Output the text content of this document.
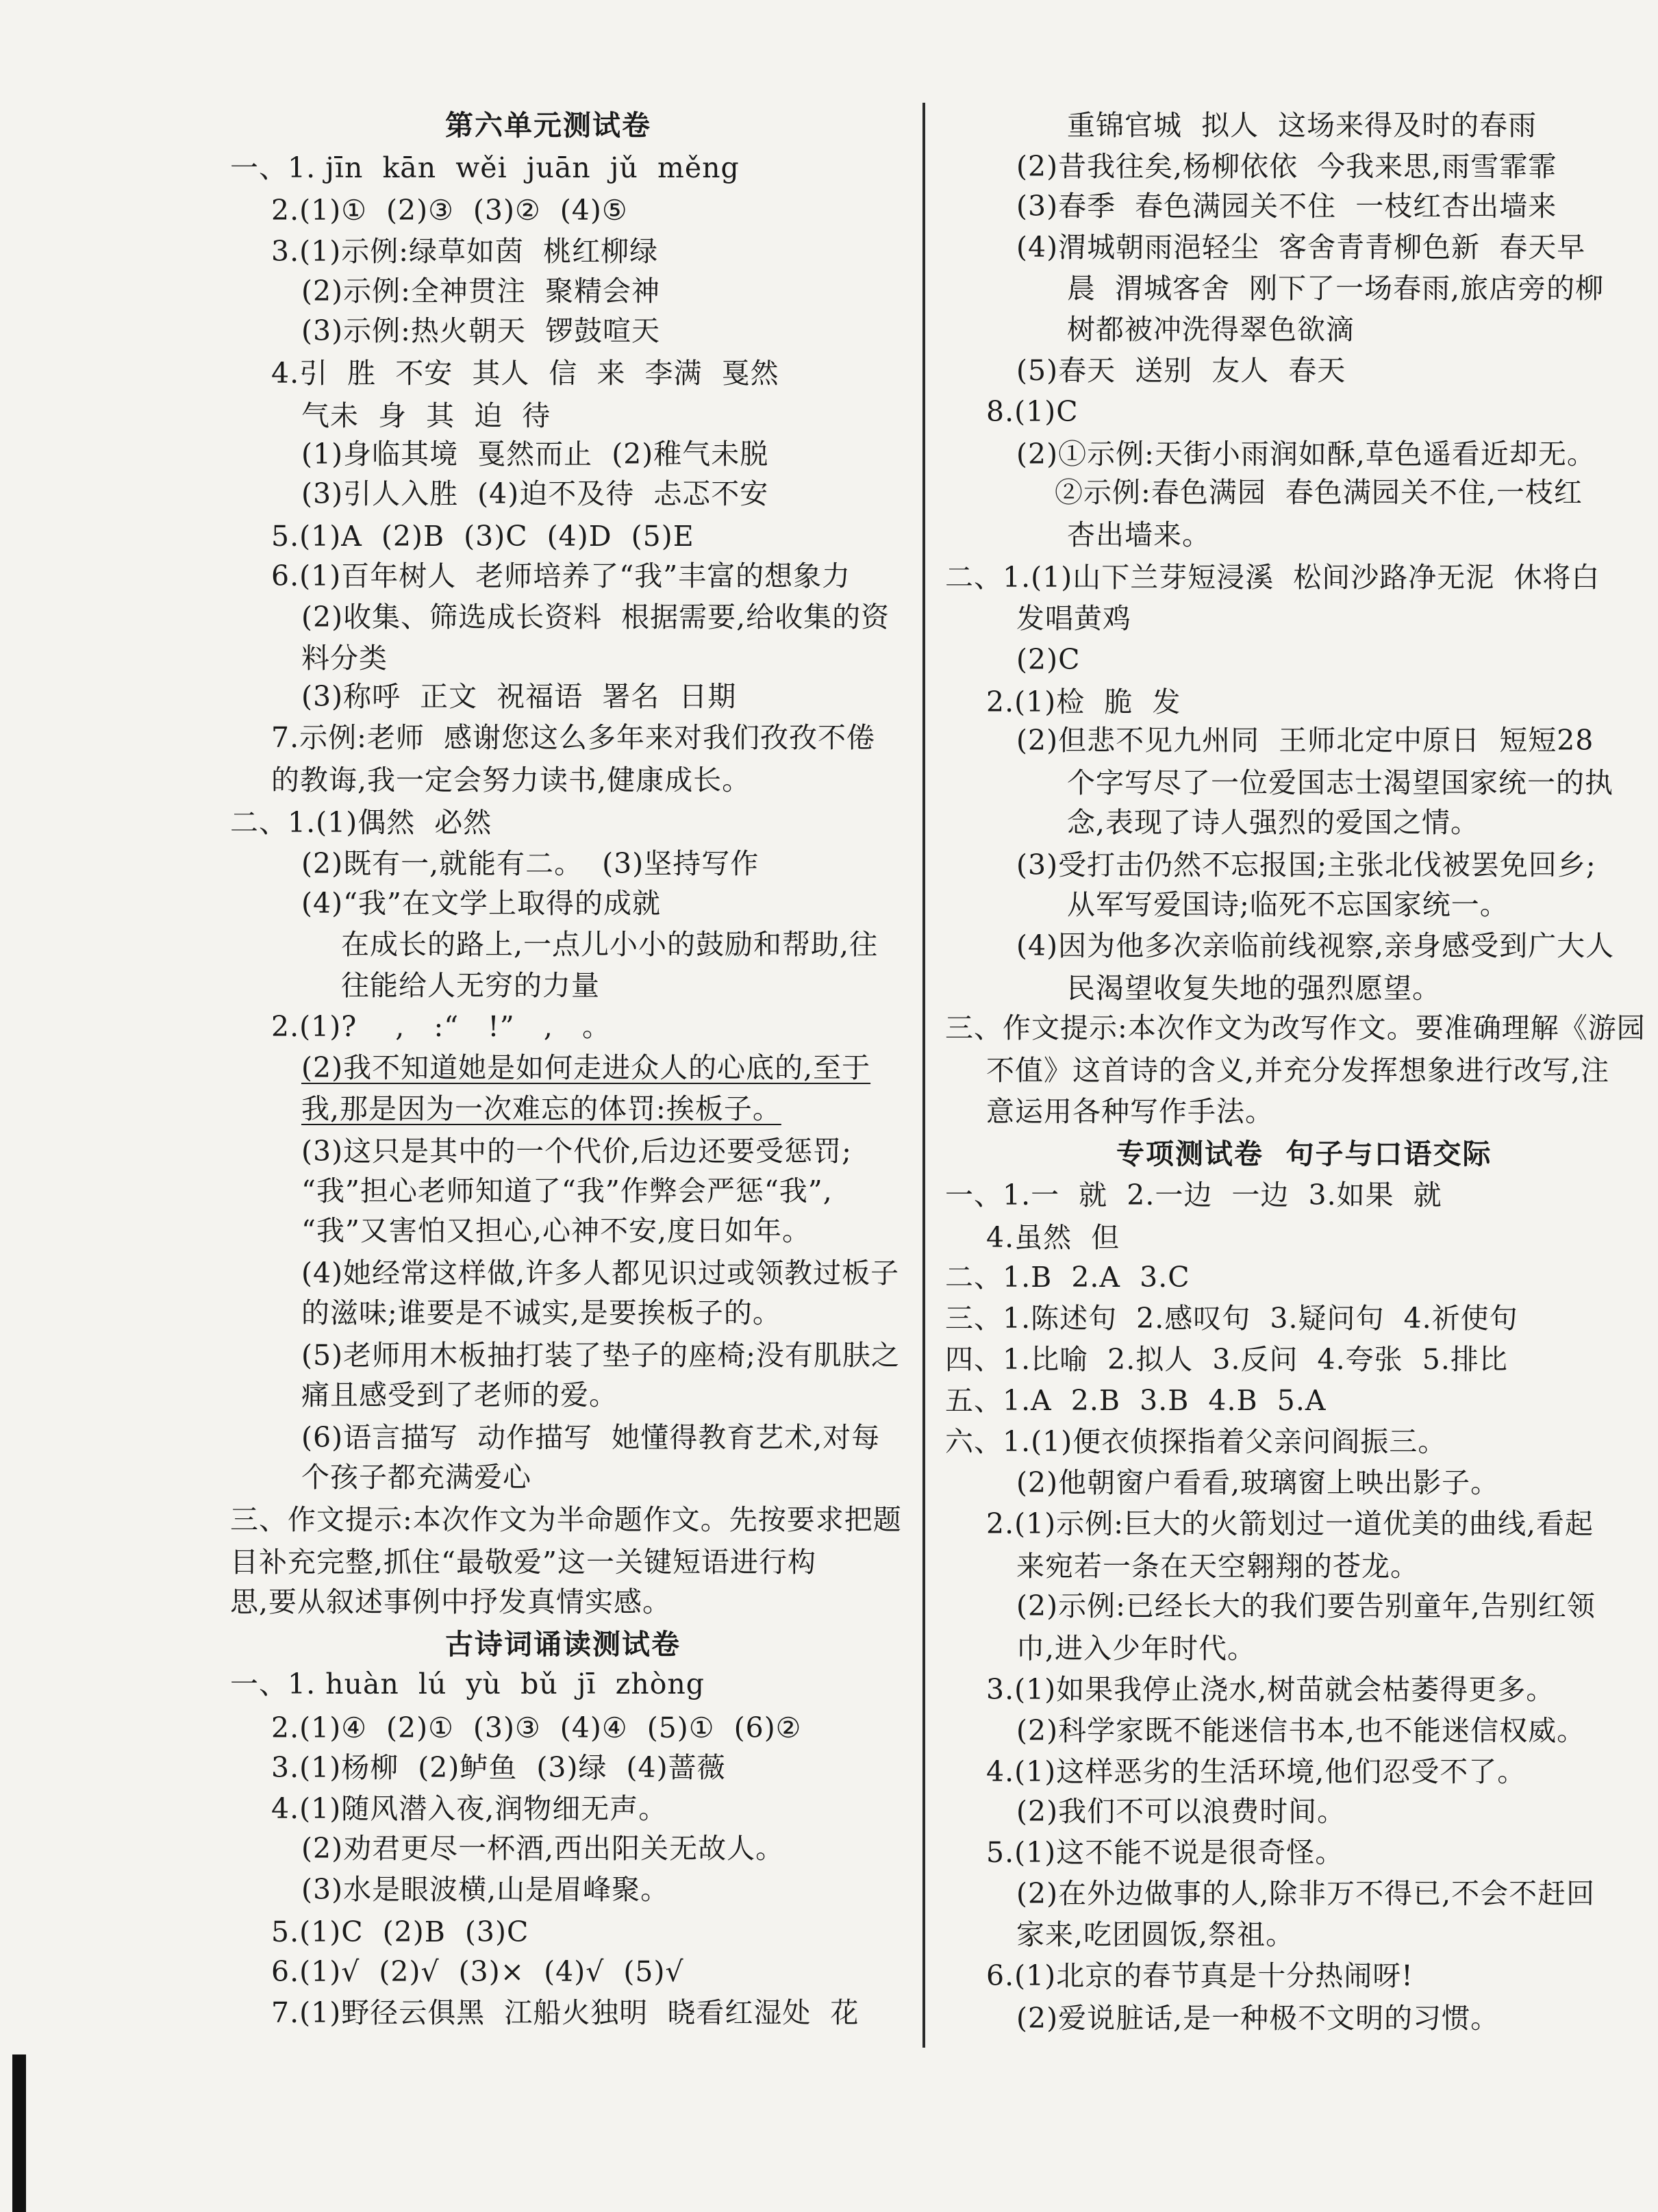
第六单元测试卷
一、1. jīn  kān  wěi  juān  jǔ  měng
2.(1)①  (2)③  (3)②  (4)⑤
3.(1)示例:绿草如茵  桃红柳绿
(2)示例:全神贯注  聚精会神
(3)示例:热火朝天  锣鼓喧天
4.引  胜  不安  其人  信  来  李满  戛然
气未  身  其  迫  待
(1)身临其境  戛然而止  (2)稚气未脱
(3)引人入胜  (4)迫不及待  忐忑不安
5.(1)A  (2)B  (3)C  (4)D  (5)E
6.(1)百年树人  老师培养了“我”丰富的想象力
(2)收集、筛选成长资料  根据需要,给收集的资
料分类
(3)称呼  正文  祝福语  署名  日期
7.示例:老师  感谢您这么多年来对我们孜孜不倦
的教诲,我一定会努力读书,健康成长。
二、1.(1)偶然  必然
(2)既有一,就能有二。  (3)坚持写作
(4)“我”在文学上取得的成就
在成长的路上,一点儿小小的鼓励和帮助,往
往能给人无穷的力量
2.(1)?    ,   :“   !”   ,   。
(2)我不知道她是如何走进众人的心底的,至于
我,那是因为一次难忘的体罚:挨板子。
(3)这只是其中的一个代价,后边还要受惩罚;
“我”担心老师知道了“我”作弊会严惩“我”,
“我”又害怕又担心,心神不安,度日如年。
(4)她经常这样做,许多人都见识过或领教过板子
的滋味;谁要是不诚实,是要挨板子的。
(5)老师用木板抽打装了垫子的座椅;没有肌肤之
痛且感受到了老师的爱。
(6)语言描写  动作描写  她懂得教育艺术,对每
个孩子都充满爱心
三、作文提示:本次作文为半命题作文。先按要求把题
目补充完整,抓住“最敬爱”这一关键短语进行构
思,要从叙述事例中抒发真情实感。
古诗词诵读测试卷
一、1. huàn  lú  yù  bǔ  jī  zhòng
2.(1)④  (2)①  (3)③  (4)④  (5)①  (6)②
3.(1)杨柳  (2)鲈鱼  (3)绿  (4)蔷薇
4.(1)随风潜入夜,润物细无声。
(2)劝君更尽一杯酒,西出阳关无故人。
(3)水是眼波横,山是眉峰聚。
5.(1)C  (2)B  (3)C
6.(1)√  (2)√  (3)×  (4)√  (5)√
7.(1)野径云俱黑  江船火独明  晓看红湿处  花
重锦官城  拟人  这场来得及时的春雨
(2)昔我往矣,杨柳依依  今我来思,雨雪霏霏
(3)春季  春色满园关不住  一枝红杏出墙来
(4)渭城朝雨浥轻尘  客舍青青柳色新  春天早
晨  渭城客舍  刚下了一场春雨,旅店旁的柳
树都被冲洗得翠色欲滴
(5)春天  送别  友人  春天
8.(1)C
(2)①示例:天街小雨润如酥,草色遥看近却无。
②示例:春色满园  春色满园关不住,一枝红
杏出墙来。
二、1.(1)山下兰芽短浸溪  松间沙路净无泥  休将白
发唱黄鸡
(2)C
2.(1)检  脆  发
(2)但悲不见九州同  王师北定中原日  短短28
个字写尽了一位爱国志士渴望国家统一的执
念,表现了诗人强烈的爱国之情。
(3)受打击仍然不忘报国;主张北伐被罢免回乡;
从军写爱国诗;临死不忘国家统一。
(4)因为他多次亲临前线视察,亲身感受到广大人
民渴望收复失地的强烈愿望。
三、作文提示:本次作文为改写作文。要准确理解《游园
不值》这首诗的含义,并充分发挥想象进行改写,注
意运用各种写作手法。
专项测试卷  句子与口语交际
一、1.一  就  2.一边  一边  3.如果  就
4.虽然  但
二、1.B  2.A  3.C
三、1.陈述句  2.感叹句  3.疑问句  4.祈使句
四、1.比喻  2.拟人  3.反问  4.夸张  5.排比
五、1.A  2.B  3.B  4.B  5.A
六、1.(1)便衣侦探指着父亲问阎振三。
(2)他朝窗户看看,玻璃窗上映出影子。
2.(1)示例:巨大的火箭划过一道优美的曲线,看起
来宛若一条在天空翱翔的苍龙。
(2)示例:已经长大的我们要告别童年,告别红领
巾,进入少年时代。
3.(1)如果我停止浇水,树苗就会枯萎得更多。
(2)科学家既不能迷信书本,也不能迷信权威。
4.(1)这样恶劣的生活环境,他们忍受不了。
(2)我们不可以浪费时间。
5.(1)这不能不说是很奇怪。
(2)在外边做事的人,除非万不得已,不会不赶回
家来,吃团圆饭,祭祖。
6.(1)北京的春节真是十分热闹呀!
(2)爱说脏话,是一种极不文明的习惯。
